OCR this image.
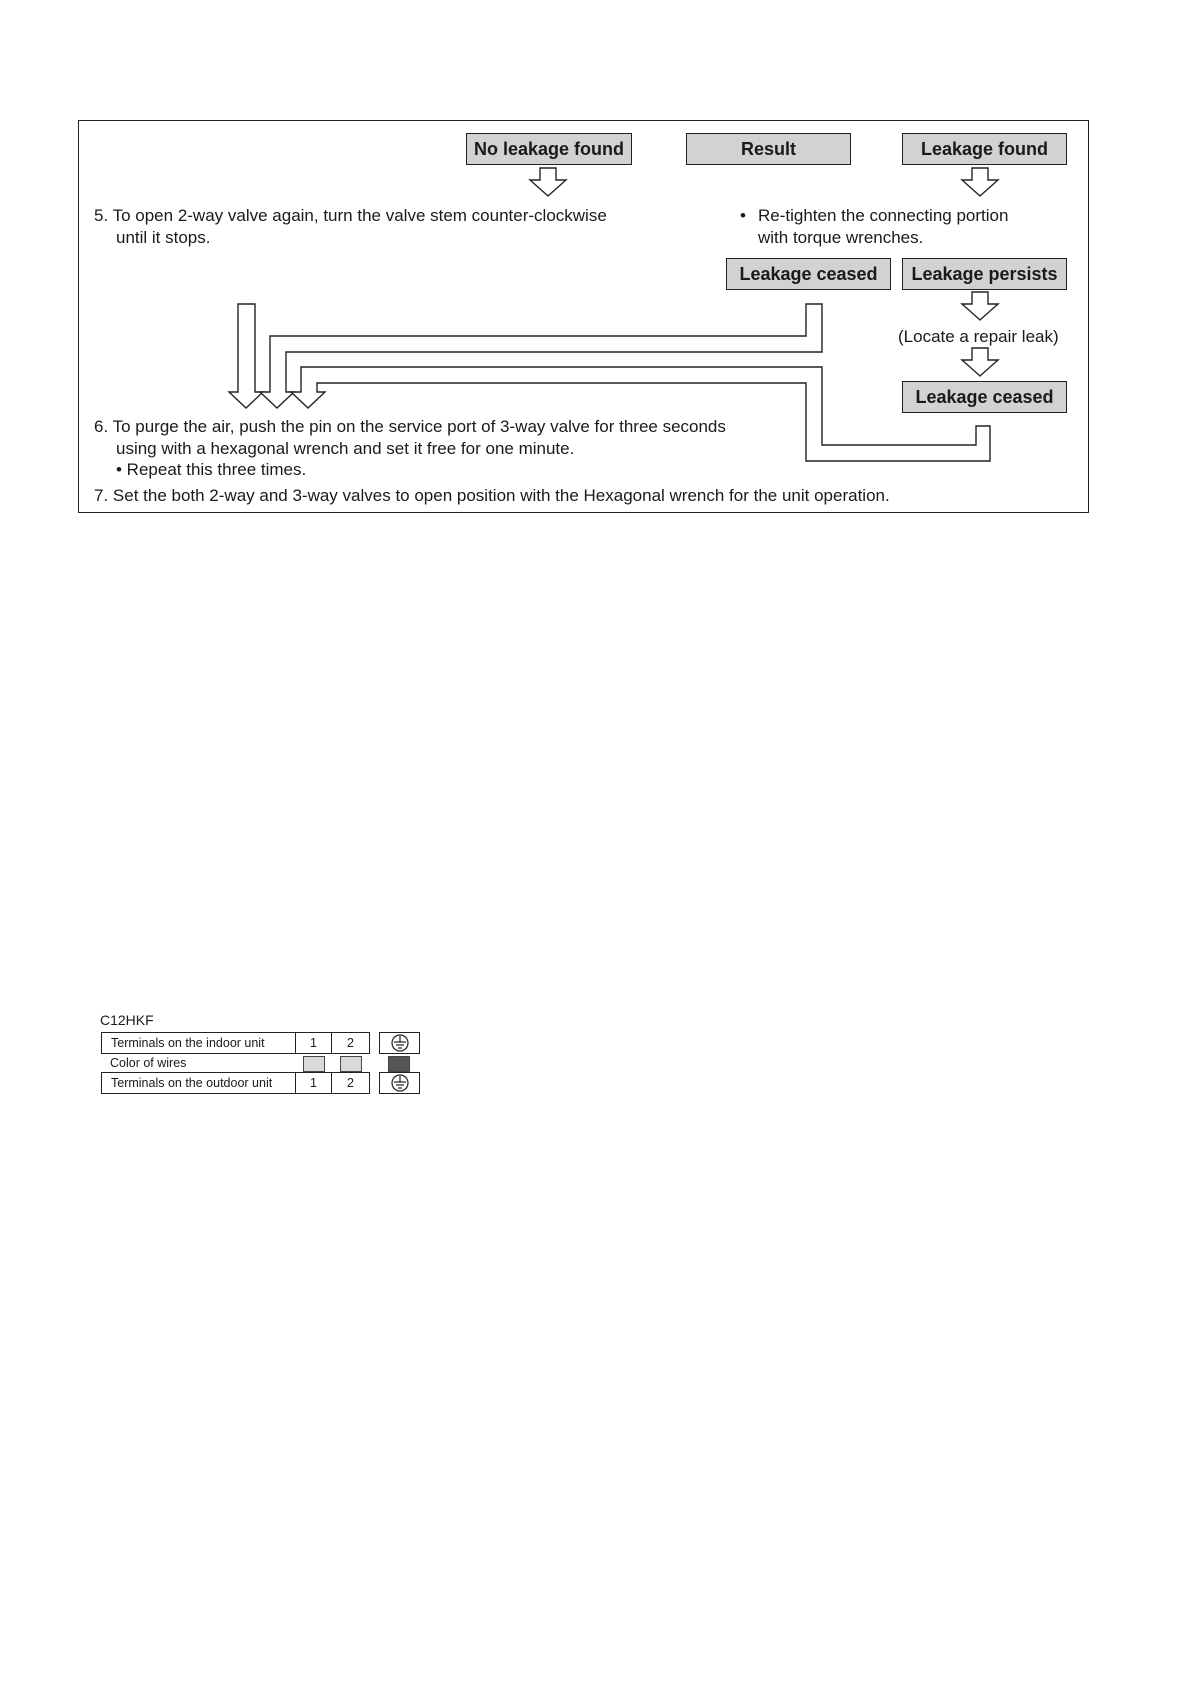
No leakage found	Result	Leakage found
5. To open 2-way valve again, turn the valve stem counter-clockwise
until it stops.
• Re-tighten the connecting portion
with torque wrenches.
Leakage ceased	Leakage persists
(Locate a repair leak)
Leakage ceased
6. To purge the air, push the pin on the service port of 3-way valve for three seconds
using with a hexagonal wrench and set it free for one minute.
• Repeat this three times.
7. Set the both 2-way and 3-way valves to open position with the Hexagonal wrench for the unit operation.
C12HKF
Terminals on the indoor unit	1	2
Color of wires
Terminals on the outdoor unit	1	2
